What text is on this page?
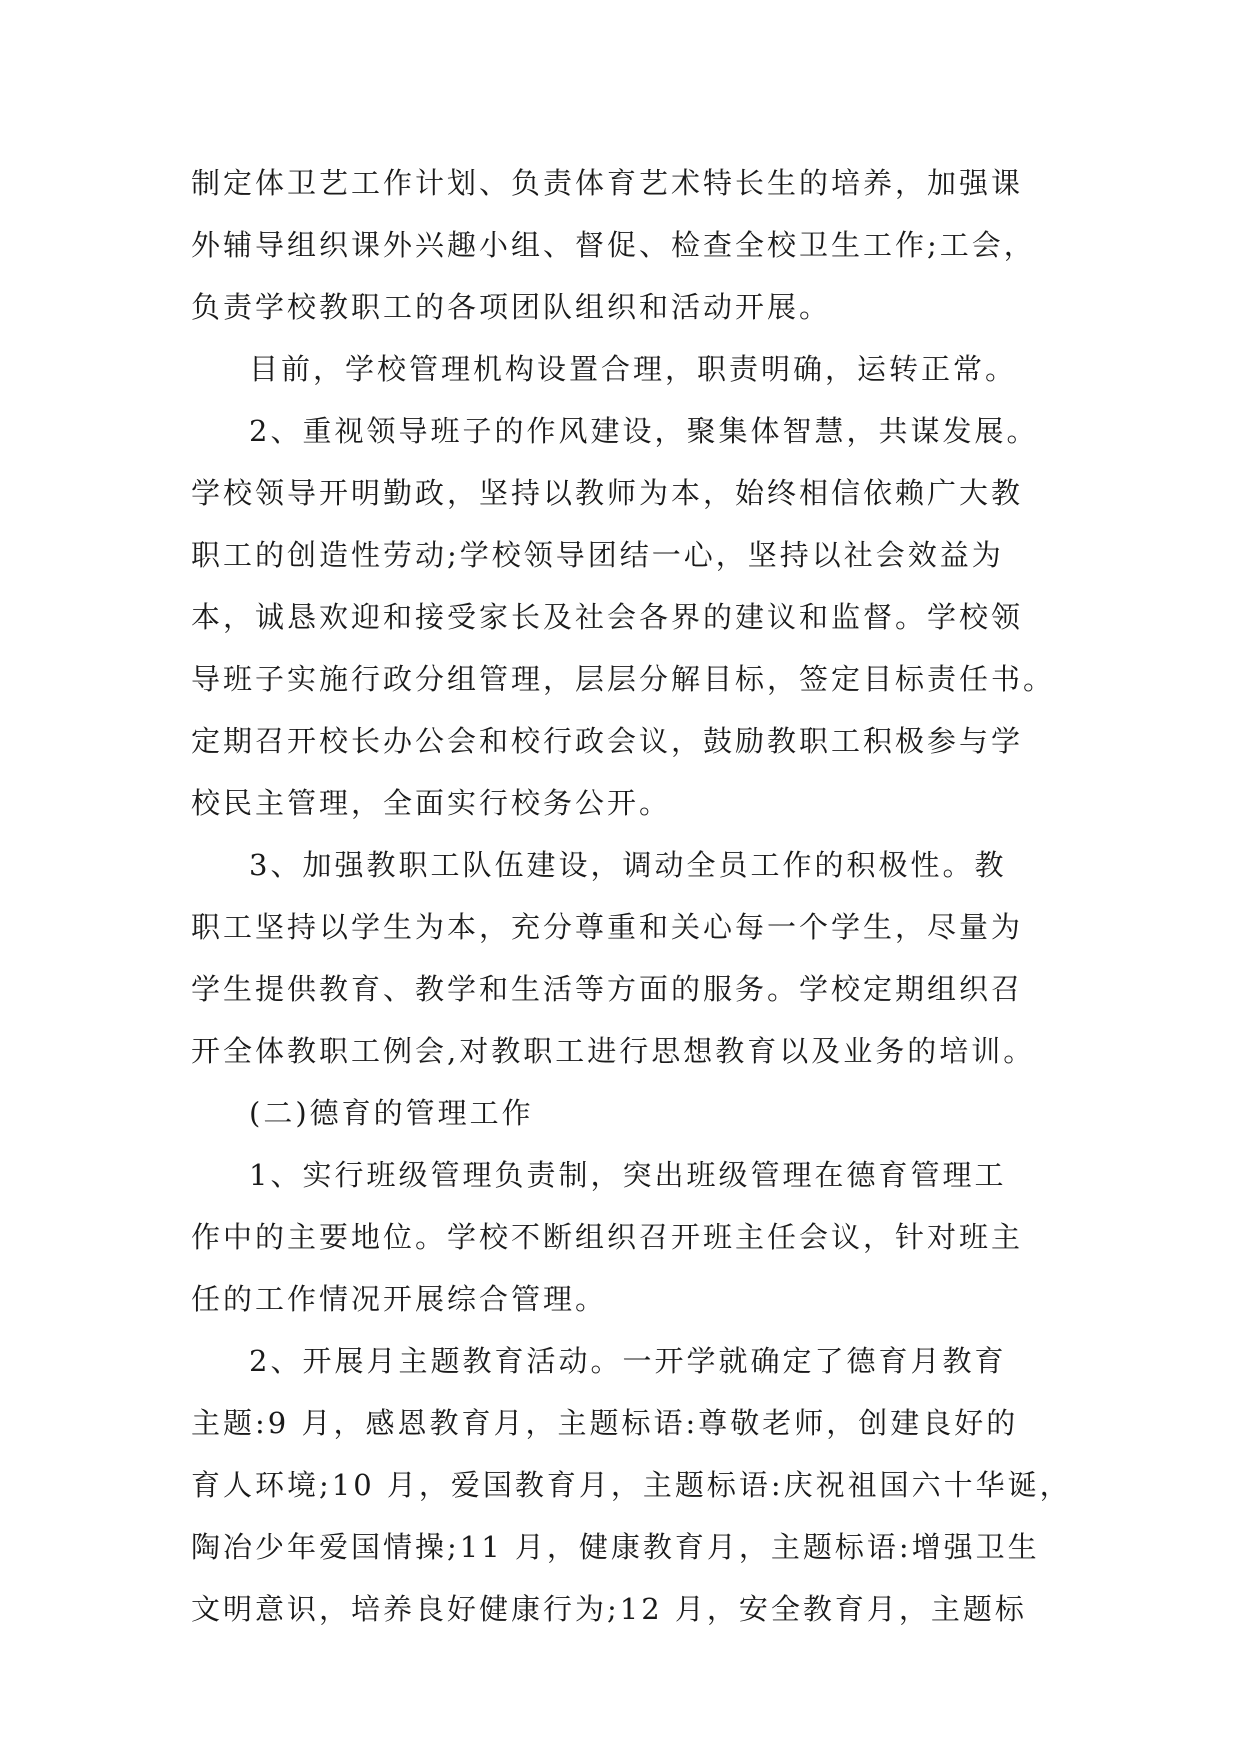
制定体卫艺工作计划、负责体育艺术特长生的培养，加强课
外辅导组织课外兴趣小组、督促、检查全校卫生工作;工会，
负责学校教职工的各项团队组织和活动开展。
目前，学校管理机构设置合理，职责明确，运转正常。
2、重视领导班子的作风建设，聚集体智慧，共谋发展。
学校领导开明勤政，坚持以教师为本，始终相信依赖广大教
职工的创造性劳动;学校领导团结一心，坚持以社会效益为
本，诚恳欢迎和接受家长及社会各界的建议和监督。学校领
导班子实施行政分组管理，层层分解目标，签定目标责任书。
定期召开校长办公会和校行政会议，鼓励教职工积极参与学
校民主管理，全面实行校务公开。
3、加强教职工队伍建设，调动全员工作的积极性。教
职工坚持以学生为本，充分尊重和关心每一个学生，尽量为
学生提供教育、教学和生活等方面的服务。学校定期组织召
开全体教职工例会,对教职工进行思想教育以及业务的培训。
(二)德育的管理工作
1、实行班级管理负责制，突出班级管理在德育管理工
作中的主要地位。学校不断组织召开班主任会议，针对班主
任的工作情况开展综合管理。
2、开展月主题教育活动。一开学就确定了德育月教育
主题:9 月，感恩教育月，主题标语:尊敬老师，创建良好的
育人环境;10 月，爱国教育月，主题标语:庆祝祖国六十华诞，
陶冶少年爱国情操;11 月，健康教育月，主题标语:增强卫生
文明意识，培养良好健康行为;12 月，安全教育月，主题标
